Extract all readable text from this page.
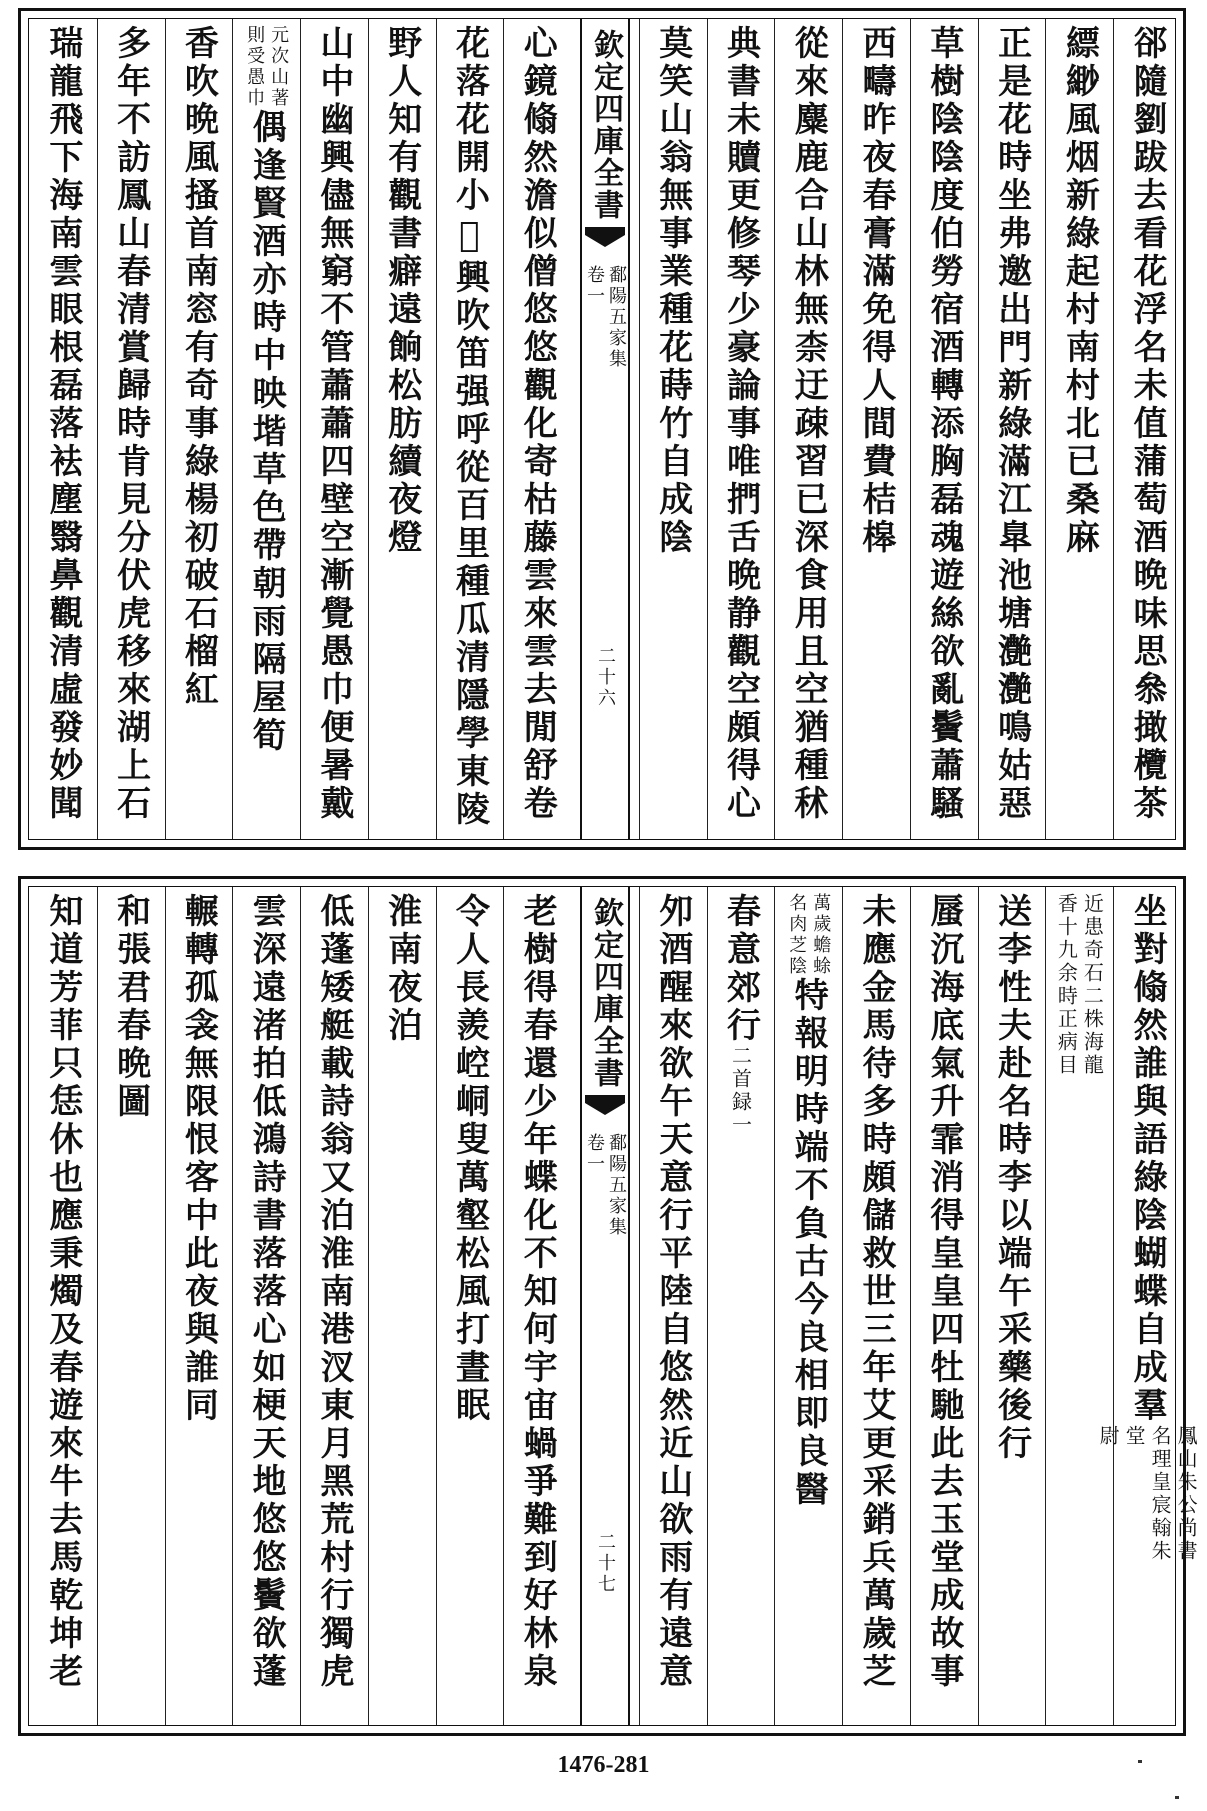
郤隨劉跋去看花浮名未值蒲萄酒晩味思叅撖欖茶
縹緲風烟新綠起村南村北已桑麻
正是花時坐弗邀出門新綠滿江臯池塘灔灔鳴姑惡
草樹陰陰度伯勞宿酒轉添胸磊魂遊絲欲亂鬢蕭騷
西疇昨夜春膏滿免得人間費桔槔
從來麋鹿合山林無柰迂疎習已深食用且空猶種秫
典書未贖更修琴少豪論事唯捫舌晩静觀空頗得心
莫笑山翁無事業種花蒔竹自成陰
欽定四庫全書
鄱陽五家集
卷一
二十六
心鏡翛然澹似僧悠悠觀化寄枯藤雲來雲去閒舒卷
花落花開小𥨊興吹笛强呼從百里種瓜清隱學東陵
野人知有觀書癖遠餉松肪續夜燈
山中幽興儘無窮不管蕭蕭四壁空漸覺愚巾便暑戴
元次山著
則受愚巾
偶逢賢酒亦時中映堦草色帶朝雨隔屋筍
香吹晩風搔首南窓有奇事綠楊初破石榴紅
多年不訪鳳山春清賞歸時肯見分伏虎移來湖上石
瑞龍飛下海南雲眼根磊落袪塵翳鼻觀清虛發妙聞
坐對翛然誰與語綠陰蝴蝶自成羣
鳳山朱公尚書
名理皇宸翰朱
堂
尉
近患奇石二株海龍
香十九余時正病目
送李性夫赴名時李以端午采藥後行
蜃沉海底氣升霏消得皇皇四牡馳此去玉堂成故事
未應金馬待多時頗儲救世三年艾更采銷兵萬歲芝
萬歲蟾蜍
名肉芝陰
特報明時端不負古今良相即良醫
春意郊行
二首録一
夘酒醒來欲午天意行平陸自悠然近山欲雨有遠意
欽定四庫全書
鄱陽五家集
卷一
二十七
老樹得春還少年蝶化不知何宇宙蝸爭難到好林泉
令人長羨崆峒叟萬壑松風打晝眠
淮南夜泊
低蓬矮艇載詩翁又泊淮南港汊東月黑荒村行獨虎
雲深遠渚拍低鴻詩書落落心如梗天地悠悠鬢欲蓬
輾轉孤衾無限恨客中此夜與誰同
和張君春晩圖
知道芳菲只恁休也應秉燭及春遊來牛去馬乾坤老
1476-281
